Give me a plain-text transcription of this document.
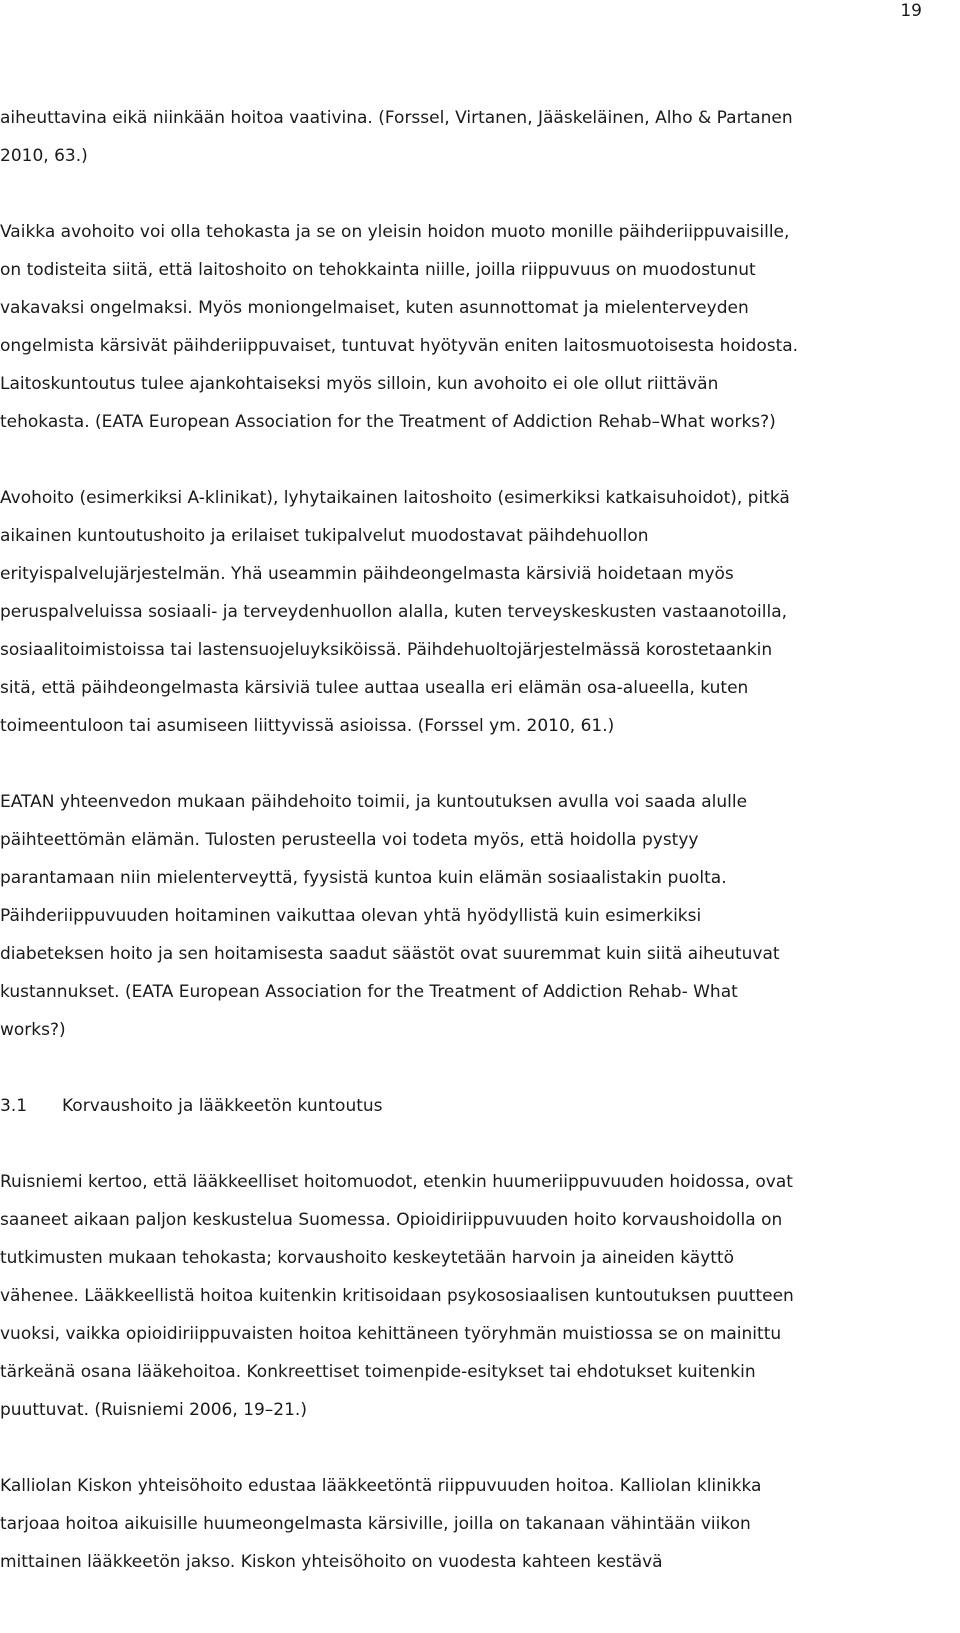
19

aiheuttavina eikä niinkään hoitoa vaativina. (Forssel, Virtanen, Jääskeläinen, Alho & Partanen
2010, 63.)

Vaikka avohoito voi olla tehokasta ja se on yleisin hoidon muoto monille päihderiippuvaisille,
on todisteita siitä, että laitoshoito on tehokkainta niille, joilla riippuvuus on muodostunut
vakavaksi ongelmaksi. Myös moniongelmaiset, kuten asunnottomat ja mielenterveyden
ongelmista kärsivät päihderiippuvaiset, tuntuvat hyötyvän eniten laitosmuotoisesta hoidosta.
Laitoskuntoutus tulee ajankohtaiseksi myös silloin, kun avohoito ei ole ollut riittävän
tehokasta. (EATA European Association for the Treatment of Addiction Rehab–What works?)

Avohoito (esimerkiksi A-klinikat), lyhytaikainen laitoshoito (esimerkiksi katkaisuhoidot), pitkä
aikainen kuntoutushoito ja erilaiset tukipalvelut muodostavat päihdehuollon
erityispalvelujärjestelmän. Yhä useammin päihdeongelmasta kärsiviä hoidetaan myös
peruspalveluissa sosiaali- ja terveydenhuollon alalla, kuten terveyskeskusten vastaanotoilla,
sosiaalitoimistoissa tai lastensuojeluyksiköissä. Päihdehuoltojärjestelmässä korostetaankin
sitä, että päihdeongelmasta kärsiviä tulee auttaa usealla eri elämän osa-alueella, kuten
toimeentuloon tai asumiseen liittyvissä asioissa. (Forssel ym. 2010, 61.)

EATAN yhteenvedon mukaan päihdehoito toimii, ja kuntoutuksen avulla voi saada alulle
päihteettömän elämän. Tulosten perusteella voi todeta myös, että hoidolla pystyy
parantamaan niin mielenterveyttä, fyysistä kuntoa kuin elämän sosiaalistakin puolta.
Päihderiippuvuuden hoitaminen vaikuttaa olevan yhtä hyödyllistä kuin esimerkiksi
diabeteksen hoito ja sen hoitamisesta saadut säästöt ovat suuremmat kuin siitä aiheutuvat
kustannukset. (EATA European Association for the Treatment of Addiction Rehab- What
works?)

3.1 Korvaushoito ja lääkkeetön kuntoutus

Ruisniemi kertoo, että lääkkeelliset hoitomuodot, etenkin huumeriippuvuuden hoidossa, ovat
saaneet aikaan paljon keskustelua Suomessa. Opioidiriippuvuuden hoito korvaushoidolla on
tutkimusten mukaan tehokasta; korvaushoito keskeytetään harvoin ja aineiden käyttö
vähenee. Lääkkeellistä hoitoa kuitenkin kritisoidaan psykososiaalisen kuntoutuksen puutteen
vuoksi, vaikka opioidiriippuvaisten hoitoa kehittäneen työryhmän muistiossa se on mainittu
tärkeänä osana lääkehoitoa. Konkreettiset toimenpide-esitykset tai ehdotukset kuitenkin
puuttuvat. (Ruisniemi 2006, 19–21.)

Kalliolan Kiskon yhteisöhoito edustaa lääkkeetöntä riippuvuuden hoitoa. Kalliolan klinikka
tarjoaa hoitoa aikuisille huumeongelmasta kärsiville, joilla on takanaan vähintään viikon
mittainen lääkkeetön jakso. Kiskon yhteisöhoito on vuodesta kahteen kestävä
